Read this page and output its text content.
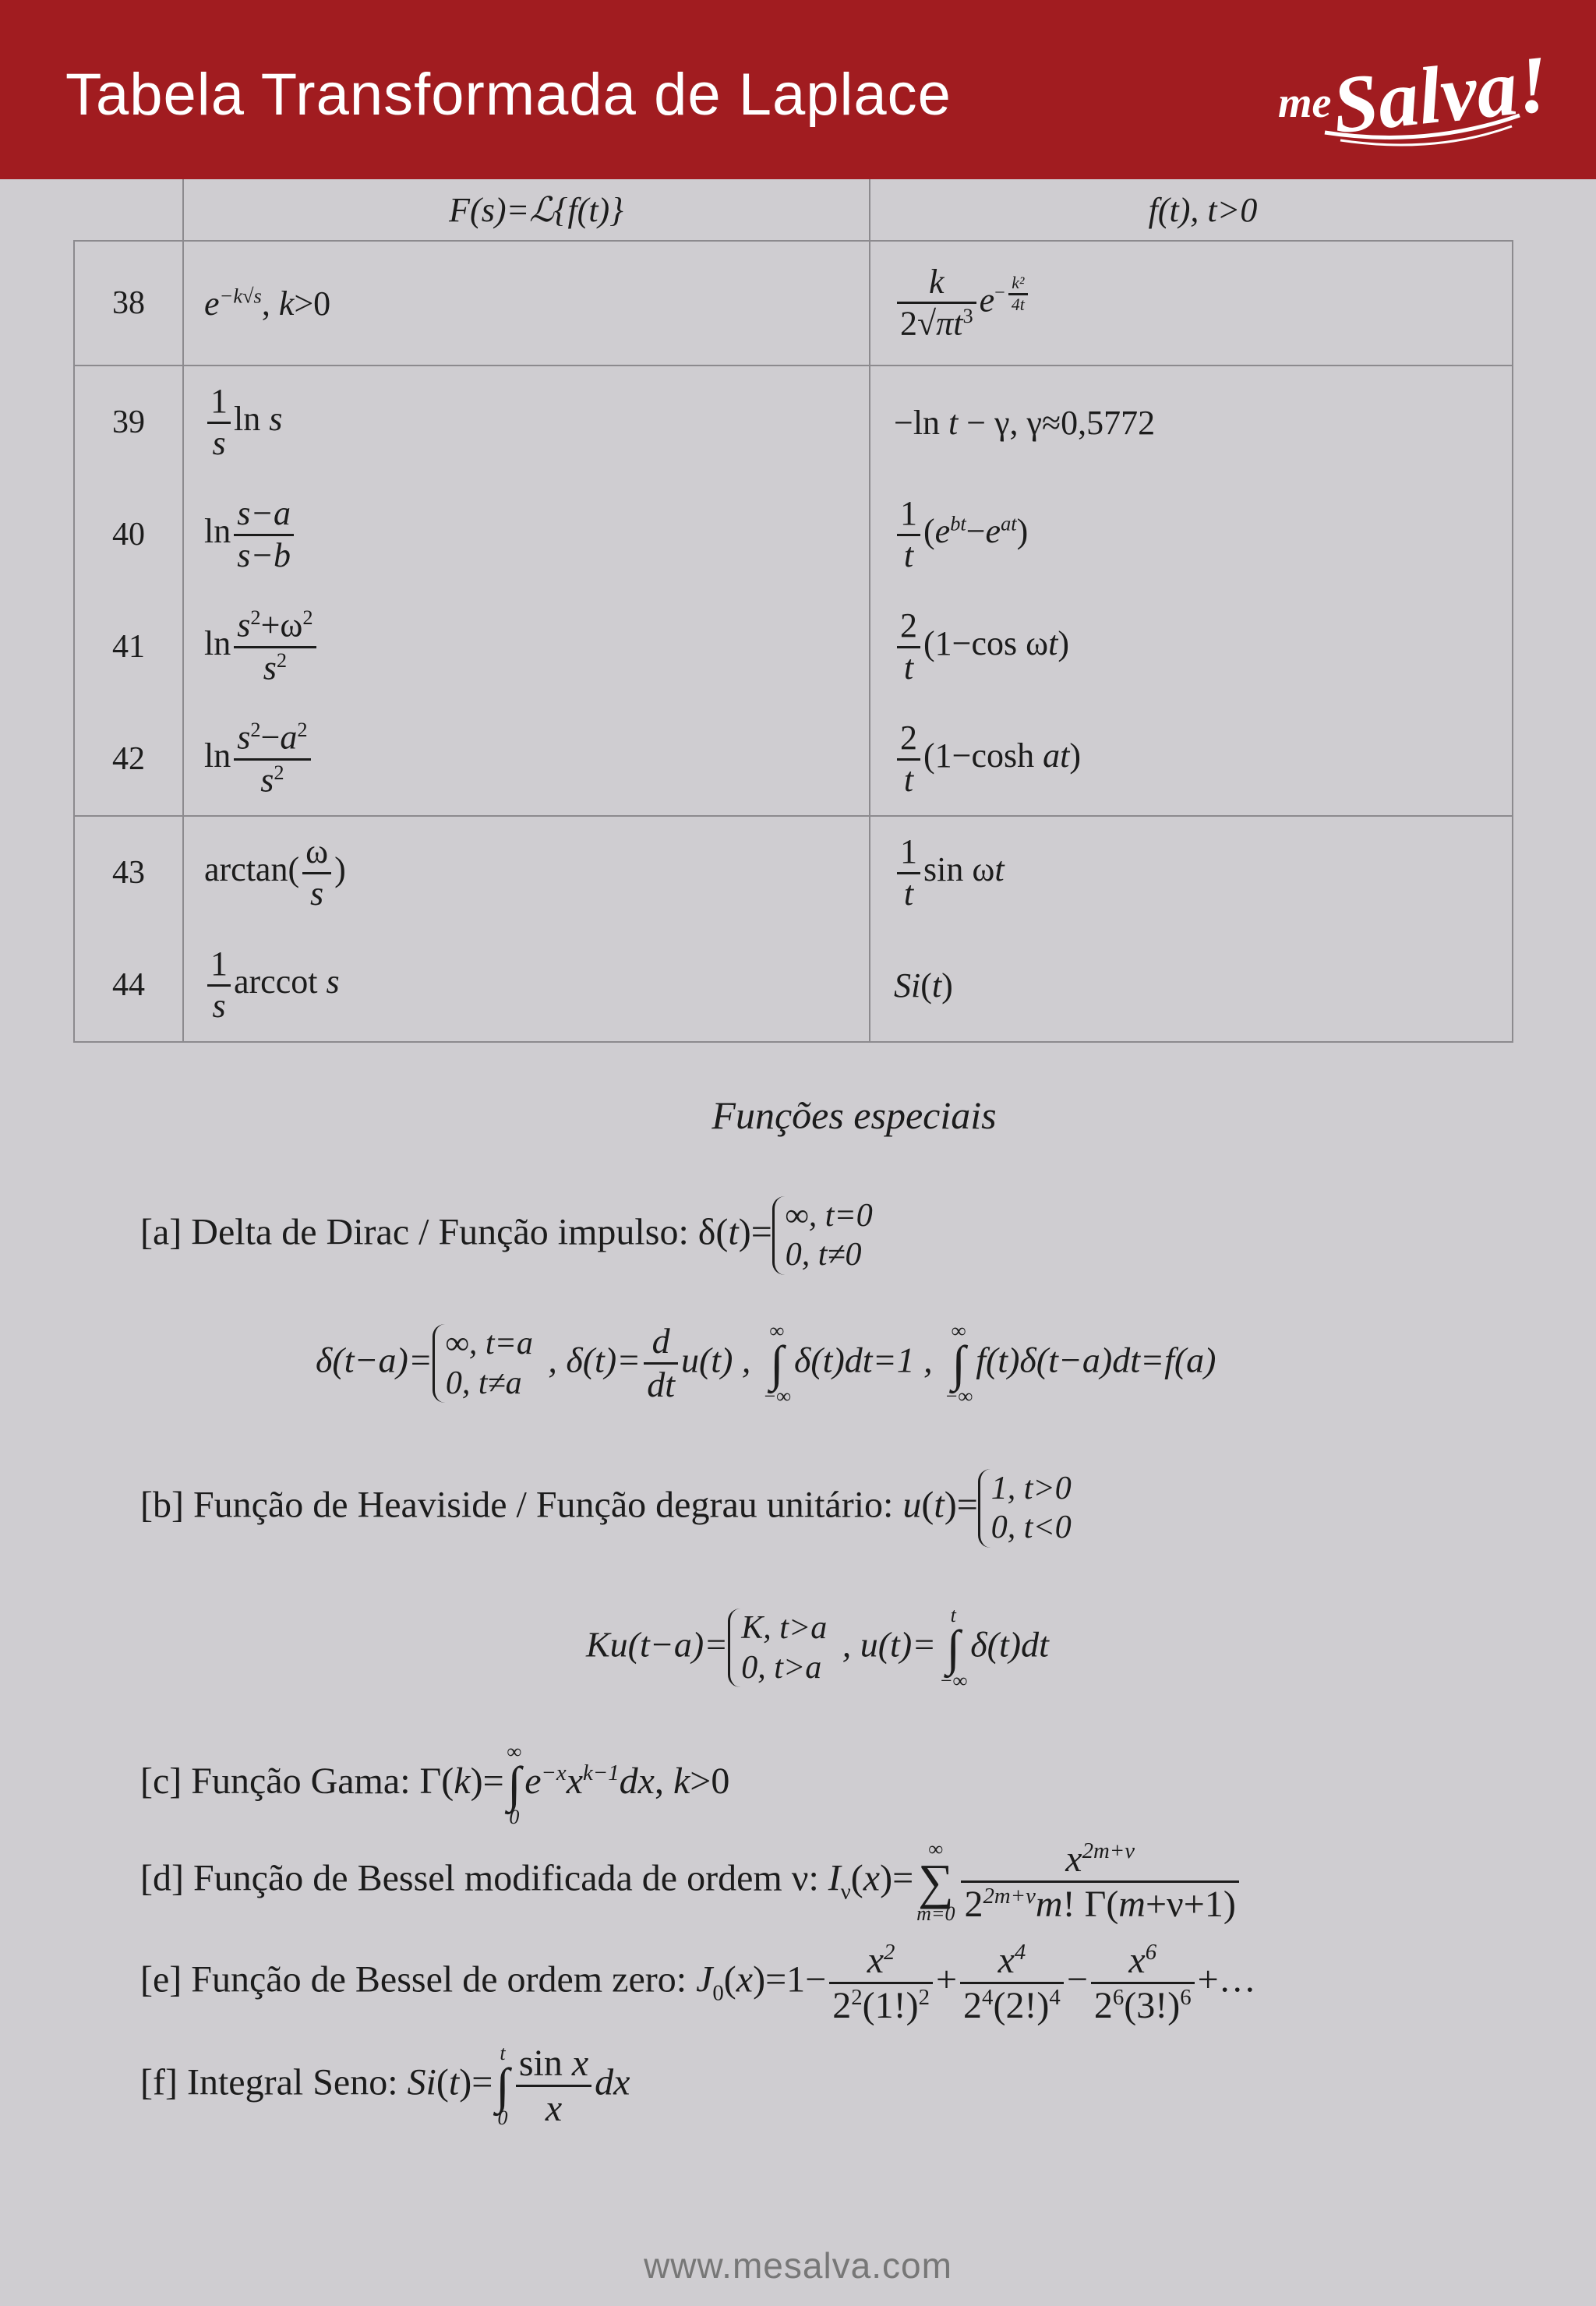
Tabela Transformada de Laplace	me
Salva!
	F(s)=ℒ{f(t)}	f(t), t>0
38	$e^{-k√s}$, k>0	$\frac{k}{2√\pi t^3} e^{- \frac{\text{k²}}{4t}}$

39	$\frac{1}{s}$ ln s	−ln t − γ, γ≈0,5772
40	$\ln \frac{s-a}{s-b}$	$\frac{1}{t} (e^{bt}-e^{at})$
41	$\ln \frac{s^2+\omega^2}{s^2}$	$\frac{2}{t} (1-\cos$ ωt)
42	$\ln \frac{s^2-a^2}{s^2}$	$\frac{2}{t} (1-\cosh$ at)
43	$\arctan( \frac{\omega}{s}$ )	$\frac{1}{t}$ sin ωt
44	$\frac{1}{s}$ arccot s	Si(t)
Funções especiais
[a] Delta de Dirac / Função impulso: δ(t)= ∞, t=0
0, t≠0
δ(t−a)= ∞, t=a
0, t≠a , $\delta(t)= \frac{d}{dt} u(t)$ ,
∞
∫
−∞
δ(t)dt=1 ,
∞
∫
−∞
f(t)δ(t−a)dt=f(a)
[b] Função de Heaviside / Função degrau unitário: u(t)= 1, t>0
0, t<0
Ku(t−a)= K, t>a
0, t>a , u(t)=
t
∫
−∞
δ(t)dt
[c] Função Gama: Γ(k)=
∞
∫
0
$e^{-x}x^{k-1}dx$, k>0
[d] Função de Bessel modificada de ordem ν: $I_\nu(x)=$
∞
∑
$m=0 \frac{x^{2m+\nu}}{2^{2m+\nu}m! \Gamma(m+\nu+1)}$
[e] Função de Bessel de ordem zero: $J_0(x)=1- \frac{x^2}{2^2(1!)^2} + \frac{x^4}{2^4(2!)^4} - \frac{x^6}{2^6(3!)^6}$ +…
[f] Integral Seno: Si(t)=
t
∫
$0 \frac{\text{sin x}}{x}$ dx
www.mesalva.com
